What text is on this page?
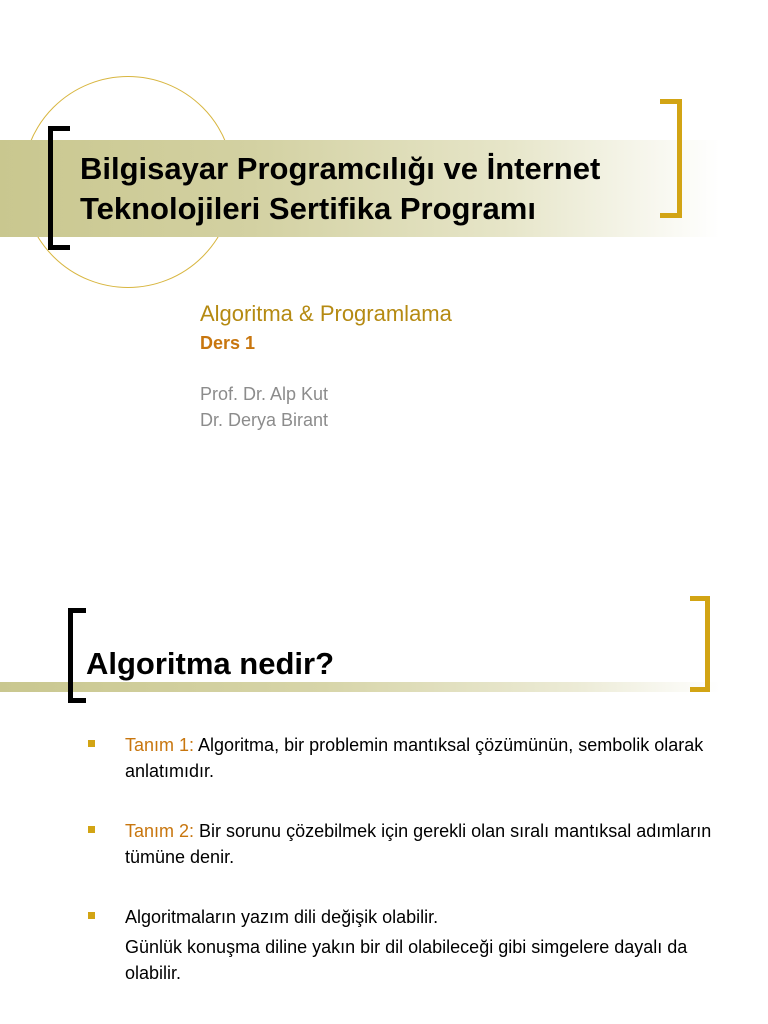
Bilgisayar Programcılığı ve İnternet
Teknolojileri Sertifika Programı
Algoritma & Programlama
Ders 1
Prof. Dr. Alp Kut
Dr. Derya Birant
Algoritma nedir?
Tanım 1: Algoritma, bir problemin mantıksal çözümünün, sembolik olarak anlatımıdır.
Tanım 2: Bir sorunu çözebilmek için gerekli olan sıralı mantıksal adımların tümüne denir.

Algoritmaların yazım dili değişik olabilir.

Günlük konuşma diline yakın bir dil olabileceği gibi simgelere dayalı da olabilir.
